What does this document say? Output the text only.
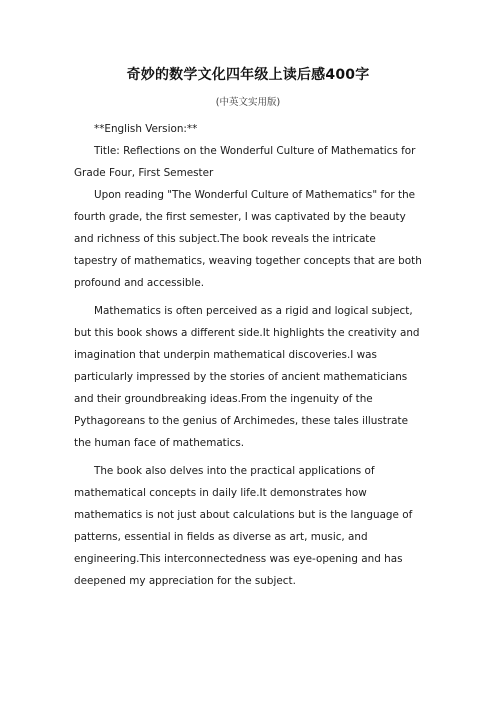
奇妙的数学文化四年级上读后感400字
(中英文实用版)

**English Version:**

Title: Reflections on the Wonderful Culture of Mathematics for Grade Four, First Semester

Upon reading "The Wonderful Culture of Mathematics" for the fourth grade, the first semester, I was captivated by the beauty and richness of this subject.The book reveals the intricate tapestry of mathematics, weaving together concepts that are both profound and accessible.

Mathematics is often perceived as a rigid and logical subject, but this book shows a different side.It highlights the creativity and imagination that underpin mathematical discoveries.I was particularly impressed by the stories of ancient mathematicians and their groundbreaking ideas.From the ingenuity of the Pythagoreans to the genius of Archimedes, these tales illustrate the human face of mathematics.

The book also delves into the practical applications of mathematical concepts in daily life.It demonstrates how mathematics is not just about calculations but is the language of patterns, essential in fields as diverse as art, music, and engineering.This interconnectedness was eye-opening and has deepened my appreciation for the subject.
